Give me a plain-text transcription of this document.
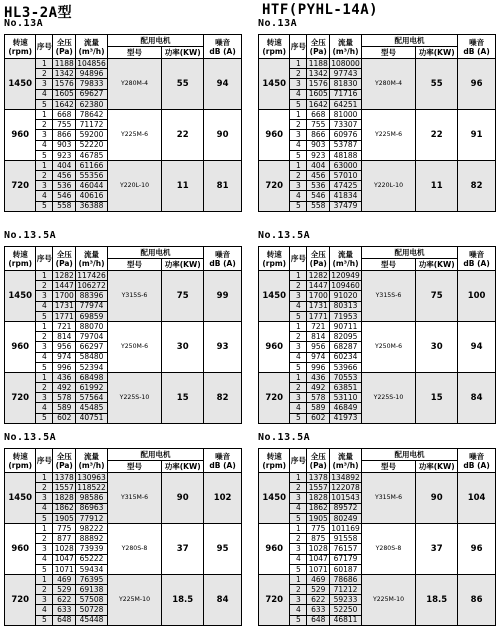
HL3-2A型	HTF(PYHL-14A)
No.13A
转速
(rpm)	序号	全压
(Pa)	流量
(m³/h)	配用电机		噪音
dB (A)
				型号	功率(KW)	
1450	1	1188	104856	Y280M-4	55	94
	2	1342	94896			
	3	1576	79833			
	4	1605	69627			
	5	1642	62380			
960	1	668	78642	Y225M-6	22	90
	2	755	71172			
	3	866	59200			
	4	903	52220			
	5	923	46785			
720	1	404	61166	Y220L-10	11	81
	2	456	55356			
	3	536	46044			
	4	546	40616			
	5	558	36388			
No.13.5A
转速
(rpm)	序号	全压
(Pa)	流量
(m³/h)	配用电机		噪音
dB (A)
				型号	功率(KW)	
1450	1	1282	117426	Y315S-6	75	99
	2	1447	106272			
	3	1700	88396			
	4	1731	77974			
	5	1771	69859			
960	1	721	88070	Y250M-6	30	93
	2	814	79704			
	3	956	66297			
	4	974	58480			
	5	996	52394			
720	1	436	68498	Y225S-10	15	82
	2	492	61992			
	3	578	57564			
	4	589	45485			
	5	602	40751			
No.13.5A
转速
(rpm)	序号	全压
(Pa)	流量
(m³/h)	配用电机		噪音
dB (A)
				型号	功率(KW)	
1450	1	1378	130963	Y315M-6	90	102
	2	1557	118522			
	3	1828	98586			
	4	1862	86963			
	5	1905	77912			
960	1	775	98222	Y280S-8	37	95
	2	877	88892			
	3	1028	73939			
	4	1047	65222			
	5	1071	59434			
720	1	469	76395	Y225M-10	18.5	84
	2	529	69138			
	3	622	57508			
	4	633	50728			
	5	648	45448			
No.13A
转速
(rpm)	序号	全压
(Pa)	流量
(m³/h)	配用电机		噪音
dB (A)
				型号	功率(KW)	
1450	1	1188	108000	Y280M-4	55	96
	2	1342	97743			
	3	1576	81830			
	4	1605	71716			
	5	1642	64251			
960	1	668	81000	Y225M-6	22	91
	2	755	73307			
	3	866	60976			
	4	903	53787			
	5	923	48188			
720	1	404	63000	Y220L-10	11	82
	2	456	57010			
	3	536	47425			
	4	546	41834			
	5	558	37479			
No.13.5A
转速
(rpm)	序号	全压
(Pa)	流量
(m³/h)	配用电机		噪音
dB (A)
				型号	功率(KW)	
1450	1	1282	120949	Y315S-6	75	100
	2	1447	109460			
	3	1700	91020			
	4	1731	80313			
	5	1771	71953			
960	1	721	90711	Y250M-6	30	94
	2	814	82095			
	3	956	68287			
	4	974	60234			
	5	996	53966			
720	1	436	70553	Y225S-10	15	84
	2	492	63851			
	3	578	53110			
	4	589	46849			
	5	602	41973			
No.13.5A
转速
(rpm)	序号	全压
(Pa)	流量
(m³/h)	配用电机		噪音
dB (A)
				型号	功率(KW)	
1450	1	1378	134892	Y315M-6	90	104
	2	1557	122078			
	3	1828	101543			
	4	1862	89572			
	5	1905	80249			
960	1	775	101169	Y280S-8	37	96
	2	875	91558			
	3	1028	76157			
	4	1047	67179			
	5	1071	60187			
720	1	469	78686	Y225M-10	18.5	86
	2	529	71212			
	3	622	59233			
	4	633	52250			
	5	648	46811			
